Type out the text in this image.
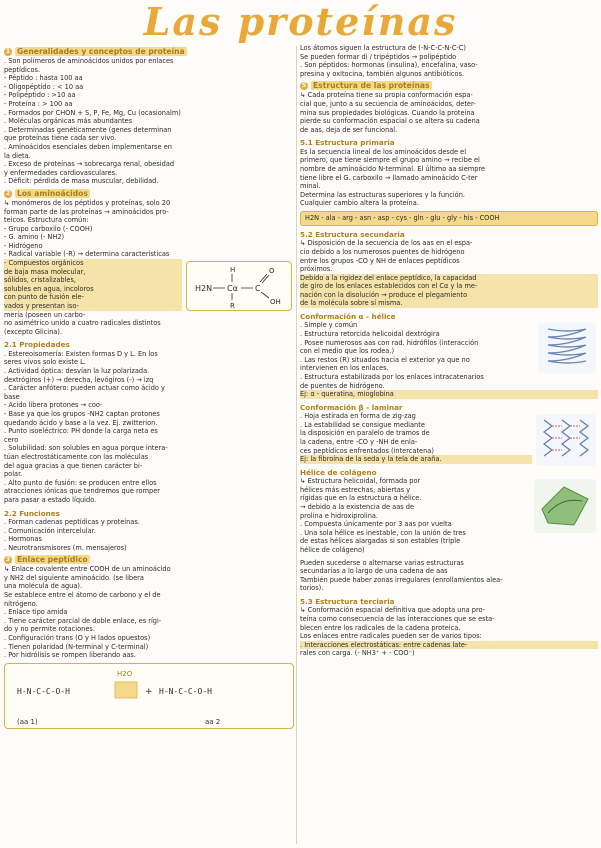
Las proteínas
1 Generalidades y conceptos de proteína
. Son polímeros de aminoácidos unidos por enlaces
peptídicos.
- Péptido : hasta 100 aa
- Oligopéptido : < 10 aa
- Polipéptido : >10 aa
- Proteína : > 100 aa
. Formados por CHON + S, P, Fe, Mg, Cu (ocasionalm)
. Moléculas orgánicas más abundantes
. Determinadas genéticamente (genes determinan
que proteínas tiene cada ser vivo.
. Aminoácidos esenciales deben implementarse en
la dieta.
. Exceso de proteínas → sobrecarga renal, obesidad
y enfermedades cardiovasculares.
. Déficit: pérdida de masa muscular, debilidad.
2 Los aminoácidos
↳ monómeros de los péptidos y proteínas, solo 20
forman parte de las proteínas → aminoácidos pro-
teicos. Estructura común:
- Grupo carboxilo (- COOH)
- G. amino (- NH2)
- Hidrógeno
- Radical variable (-R) → determina características
H2N Cα
H
R
C
O
OH
- Compuestos orgánicos
de baja masa molecular,
sólidos, cristalizables,
solubles en agua, incoloros
con punto de fusión ele-
vados y presentan iso-
mería (poseen un carbo-
no asimétrico unido a cuatro radicales distintos
(excepto Glicina).
2.1 Propiedades
. Estereoisomería: Existen formas D y L. En los
seres vivos solo existe L.
. Actividad óptica: desvían la luz polarizada.
dextrógiros (+) → derecha, levógiros (-) → izq
. Carácter anfótero: pueden actuar como ácido y
base
- Ácido libera protones → coo-
- Base ya que los grupos -NH2 captan protones
quedando ácido y base a la vez. Ej. zwitterion.
. Punto isoeléctrico: PH donde la carga neta es
cero
. Solubilidad: son solubles en agua porque intera-
túan electrostáticamente con las moléculas
del agua gracias a que tienen carácter bi-
polar.
. Alto punto de fusión: se producen entre ellos
atracciones iónicas que tendremos que romper
para pasar a estado líquido.
2.2 Funciones
. Forman cadenas peptídicas y proteínas.
. Comunicación intercelular.
. Hormonas
. Neurotransmisores (m. mensajeros)
3 Enlace peptídico
↳ Enlace covalente entre COOH de un aminoácido
y NH2 del siguiente aminoácido. (se libera
una molécula de agua).
Se establece entre el átomo de carbono y el de
nitrógeno.
. Enlace tipo amida
. Tiene carácter parcial de doble enlace, es rígi-
do y no permite rotaciones.
. Configuración trans (O y H lados opuestos)
. Tienen polaridad (N-terminal y C-terminal)
. Por hidrólisis se rompen liberando aas.
H2O
H-N-C-C-O-H	+ H-N-C-C-O-H
(aa 1)	aa 2
Los átomos siguen la estructura de (-N-C-C-N-C-C)
Se pueden formar di / tripéptidos → polipéptido
. Son péptidos: hormonas (insulina), encefalina, vaso-
presina y oxitocina, también algunos antibióticos.
5 Estructura de las proteínas
↳ Cada proteína tiene su propia conformación espa-
cial que, junto a su secuencia de aminoácidos, deter-
mina sus propiedades biológicas. Cuando la proteína
pierde su conformación espacial o se altera su cadena
de aas, deja de ser funcional.
5.1 Estructura primaria
Es la secuencia lineal de los aminoácidos desde el
primero, que tiene siempre el grupo amino → recibe el
nombre de aminoácido N-terminal. El último aa siempre
tiene libre el G. carboxilo → llamado aminoácido C-ter
minal.
Determina las estructuras superiores y la función.
Cualquier cambio altera la proteína.
H2N - ala - arg - asn - asp - cys - gln - glu - gly - his - COOH
5.2 Estructura secundaria
↳ Disposición de la secuencia de los aas en el espa-
cio debido a los numerosos puentes de hidrógeno
entre los grupos -CO y NH de enlaces peptídicos
próximos.
Debido a la rigidez del enlace peptídico, la capacidad
de giro de los enlaces establecidos con el Cα y la me-
nación con la disolución → produce el plegamiento
de la molécula sobre sí misma.
Conformación α - hélice
. Simple y común
. Estructura retorcida helicoidal dextrógira
. Posee numerosos aas con rad. hidrófilos (interacción
con el medio que los rodea.)
. Las restos (R) situados hacia el exterior ya que no
intervienen en los enlaces.
. Estructura estabilizada por los enlaces intracatenarios
de puentes de hidrógeno.
Ej: α - queratina, mioglobina
Conformación β - laminar
. Hoja estirada en forma de zig-zag
. La estabilidad se consigue mediante
la disposición en paralelo de tramos de
la cadena, entre -CO y -NH de enla-
ces peptídicos enfrentados (intercatena)
Ej: la fibroína de la seda y la tela de araña.
Hélice de colágeno
↳ Estructura helicoidal, formada por
hélices más estrechas, abiertas y
rígidas que en la estructura α hélice.
→ debido a la existencia de aas de
prolina e hidroxiprolina.
. Compuesta únicamente por 3 aas por vuelta
. Una sola hélice es inestable, con la unión de tres
de estas hélices alargadas si son estables (triple
hélice de colágeno)
Pueden sucederse o alternarse varias estructuras
secundarias a lo largo de una cadena de aas
También puede haber zonas irregulares (enrollamientos alea-
torios).
5.3 Estructura terciaria
↳ Conformación espacial definitiva que adopta una pro-
teína como consecuencia de las interacciones que se esta-
blecen entre los radicales de la cadena proteica.
Los enlaces entre radicales pueden ser de varios tipos:
. Interacciones electrostáticas: entre cadenas late-
rales con carga. (- NH3⁺ + - COO⁻)
